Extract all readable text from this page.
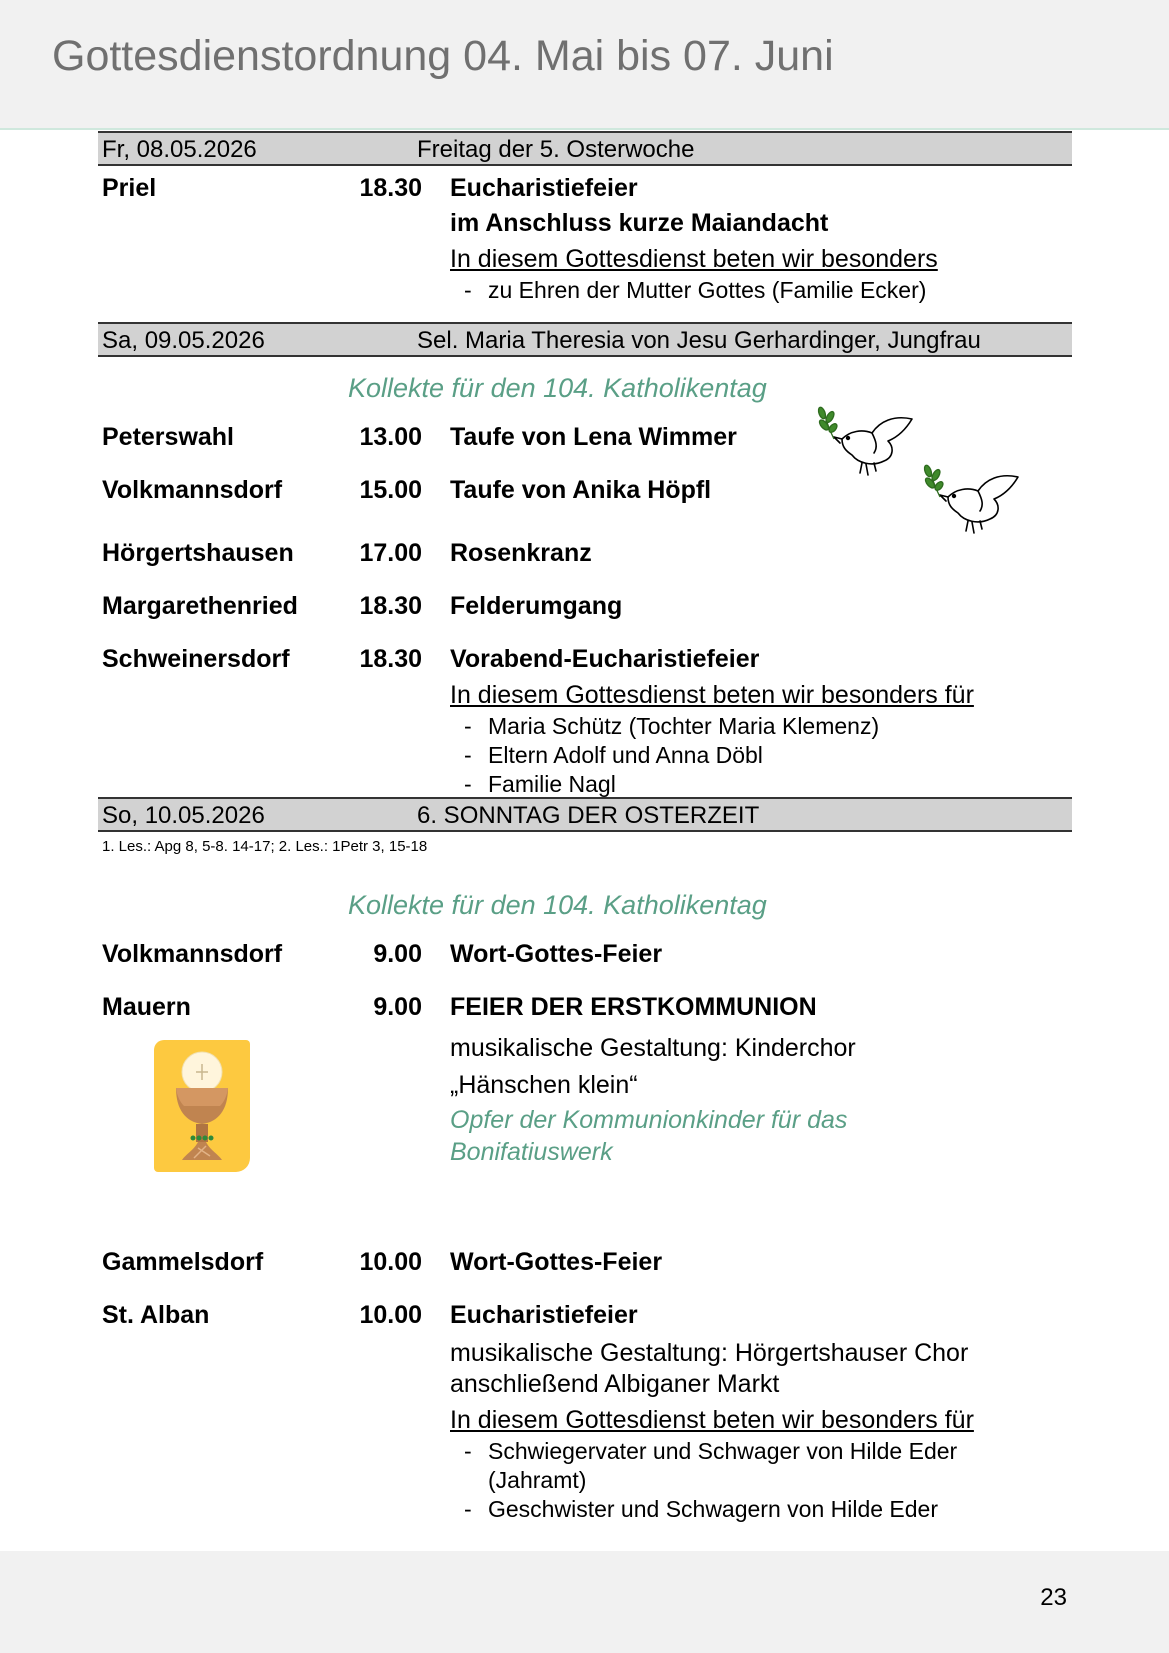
Gottesdienstordnung 04. Mai bis 07. Juni
Fr, 08.05.2026	Freitag der 5. Osterwoche
Priel	18.30 Eucharistiefeier
im Anschluss kurze Maiandacht
In diesem Gottesdienst beten wir besonders
- zu Ehren der Mutter Gottes (Familie Ecker)
Sa, 09.05.2026	Sel. Maria Theresia von Jesu Gerhardinger, Jungfrau
Kollekte für den 104. Katholikentag
Peterswahl	13.00 Taufe von Lena Wimmer
Volkmannsdorf	15.00 Taufe von Anika Höpfl
Hörgertshausen	17.00 Rosenkranz
Margarethenried 18.30 Felderumgang
Schweinersdorf	18.30 Vorabend-Eucharistiefeier
In diesem Gottesdienst beten wir besonders für
- Maria Schütz (Tochter Maria Klemenz)
- Eltern Adolf und Anna Döbl
- Familie Nagl
So, 10.05.2026	6. SONNTAG DER OSTERZEIT
1. Les.: Apg 8, 5-8. 14-17; 2. Les.: 1Petr 3, 15-18
Kollekte für den 104. Katholikentag
Volkmannsdorf	9.00 Wort-Gottes-Feier
Mauern	9.00 FEIER DER ERSTKOMMUNION
musikalische Gestaltung: Kinderchor
„Hänschen klein“
Opfer der Kommunionkinder für das Bonifatiuswerk
Gammelsdorf	10.00 Wort-Gottes-Feier
St. Alban	10.00 Eucharistiefeier
musikalische Gestaltung: Hörgertshauser Chor
anschließend Albiganer Markt
In diesem Gottesdienst beten wir besonders für
- Schwiegervater und Schwager von Hilde Eder (Jahramt)
- Geschwister und Schwagern von Hilde Eder
23
